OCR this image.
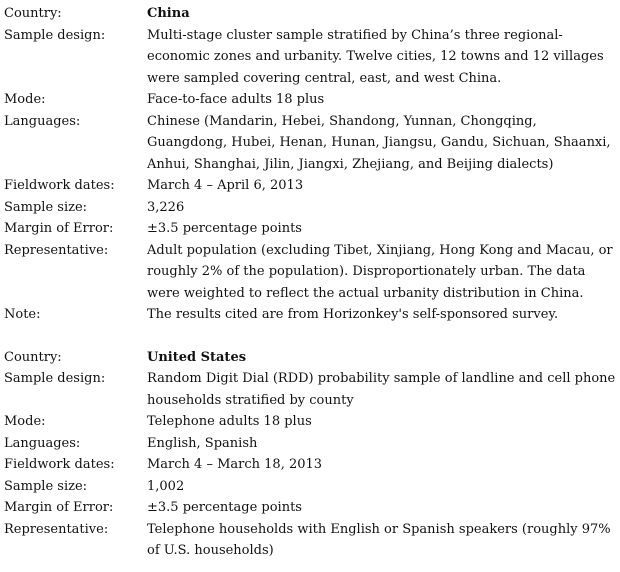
Country:	China
Sample design:	Multi-stage cluster sample stratified by China’s three regional-economic zones and urbanity. Twelve cities, 12 towns and 12 villages were sampled covering central, east, and west China.
Mode:	Face-to-face adults 18 plus
Languages:	Chinese (Mandarin, Hebei, Shandong, Yunnan, Chongqing, Guangdong, Hubei, Henan, Hunan, Jiangsu, Gandu, Sichuan, Shaanxi, Anhui, Shanghai, Jilin, Jiangxi, Zhejiang, and Beijing dialects)
Fieldwork dates:	March 4 – April 6, 2013
Sample size:	3,226
Margin of Error:	±3.5 percentage points
Representative:	Adult population (excluding Tibet, Xinjiang, Hong Kong and Macau, or roughly 2% of the population). Disproportionately urban. The data were weighted to reflect the actual urbanity distribution in China.
Note:	The results cited are from Horizonkey's self-sponsored survey.
Country:	United States
Sample design:	Random Digit Dial (RDD) probability sample of landline and cell phone households stratified by county
Mode:	Telephone adults 18 plus
Languages:	English, Spanish
Fieldwork dates:	March 4 – March 18, 2013
Sample size:	1,002
Margin of Error:	±3.5 percentage points
Representative:	Telephone households with English or Spanish speakers (roughly 97% of U.S. households)
